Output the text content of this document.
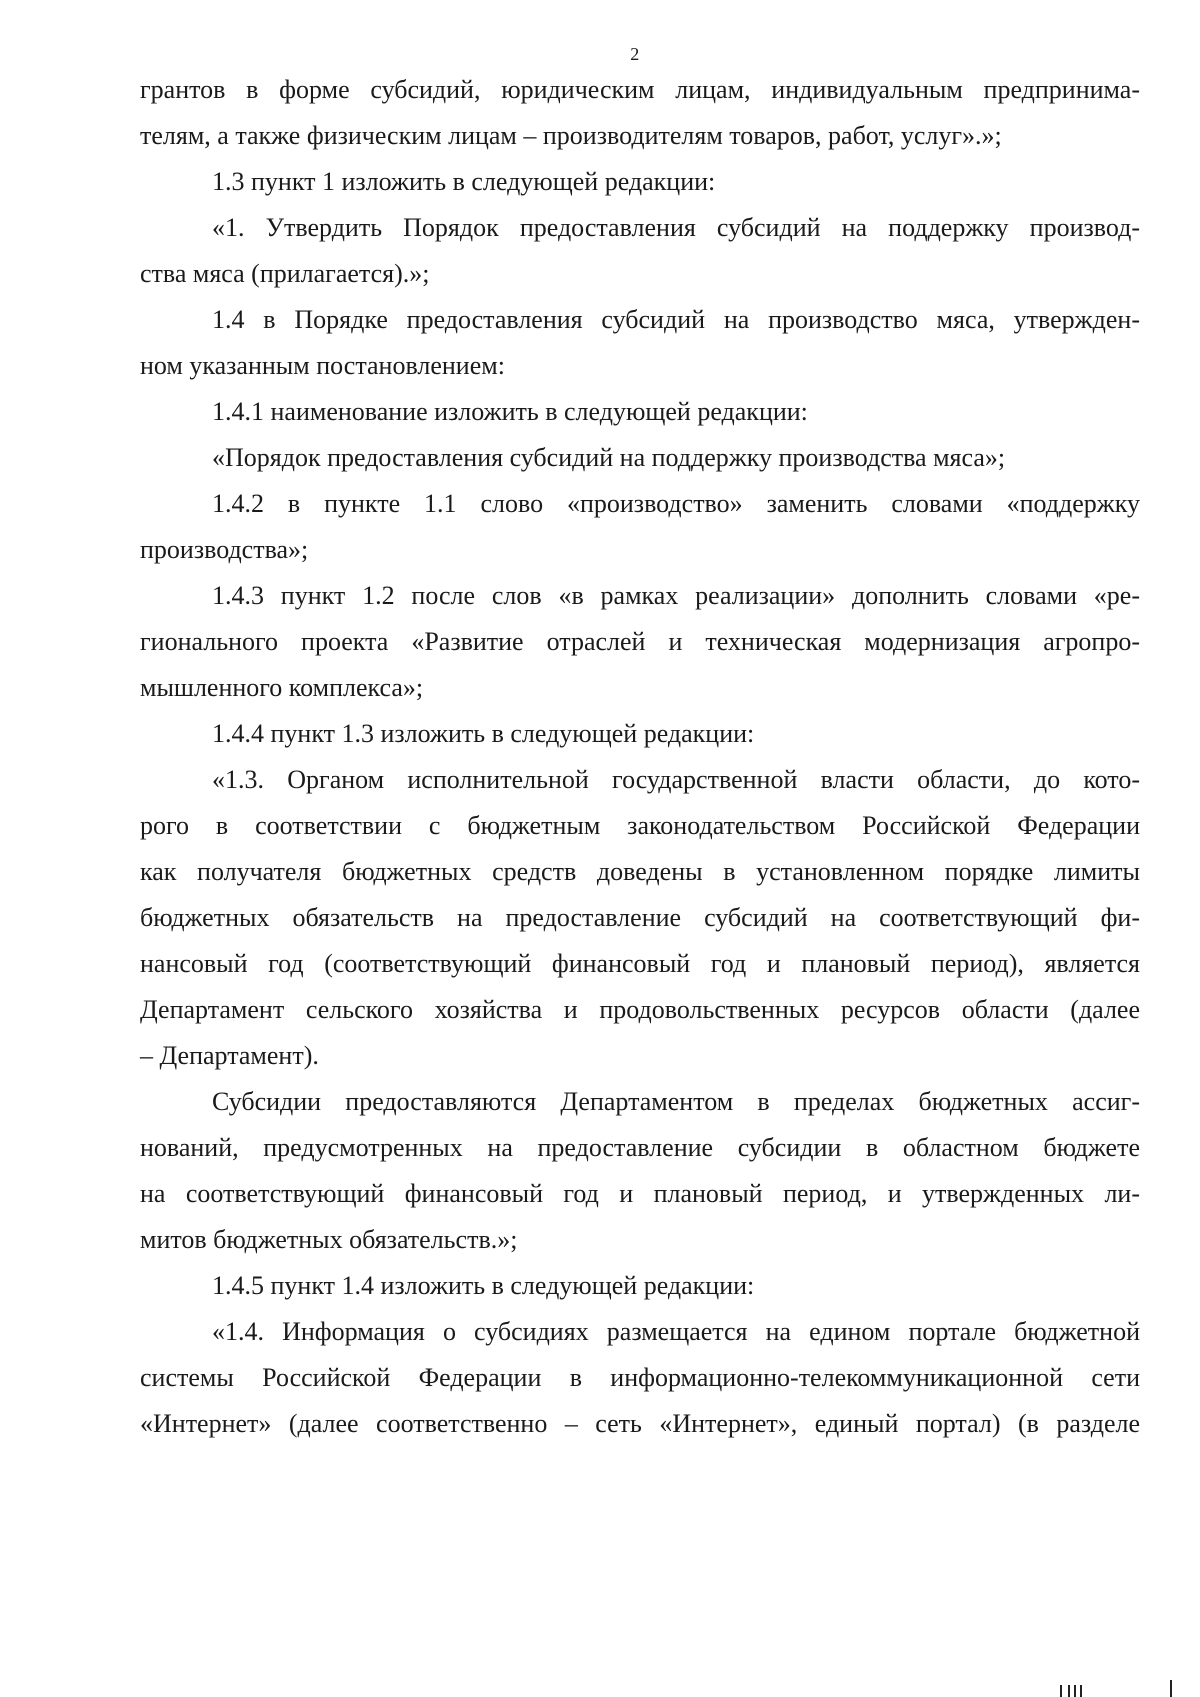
2
грантов в форме субсидий, юридическим лицам, индивидуальным предпринима-
телям, а также физическим лицам – производителям товаров, работ, услуг».»;
1.3 пункт 1 изложить в следующей редакции:
«1. Утвердить Порядок предоставления субсидий на поддержку производ-
ства мяса (прилагается).»;
1.4 в Порядке предоставления субсидий на производство мяса, утвержден-
ном указанным постановлением:
1.4.1 наименование изложить в следующей редакции:
«Порядок предоставления субсидий на поддержку производства мяса»;
1.4.2 в пункте 1.1 слово «производство» заменить словами «поддержку
производства»;
1.4.3 пункт 1.2 после слов «в рамках реализации» дополнить словами «ре-
гионального проекта «Развитие отраслей и техническая модернизация агропро-
мышленного комплекса»;
1.4.4 пункт 1.3 изложить в следующей редакции:
«1.3. Органом исполнительной государственной власти области, до кото-
рого в соответствии с бюджетным законодательством Российской Федерации
как получателя бюджетных средств доведены в установленном порядке лимиты
бюджетных обязательств на предоставление субсидий на соответствующий фи-
нансовый год (соответствующий финансовый год и плановый период), является
Департамент сельского хозяйства и продовольственных ресурсов области (далее
– Департамент).
Субсидии предоставляются Департаментом в пределах бюджетных ассиг-
нований, предусмотренных на предоставление субсидии в областном бюджете
на соответствующий финансовый год и плановый период, и утвержденных ли-
митов бюджетных обязательств.»;
1.4.5 пункт 1.4 изложить в следующей редакции:
«1.4. Информация о субсидиях размещается на едином портале бюджетной
системы Российской Федерации в информационно-телекоммуникационной сети
«Интернет» (далее соответственно – сеть «Интернет», единый портал) (в разделе
